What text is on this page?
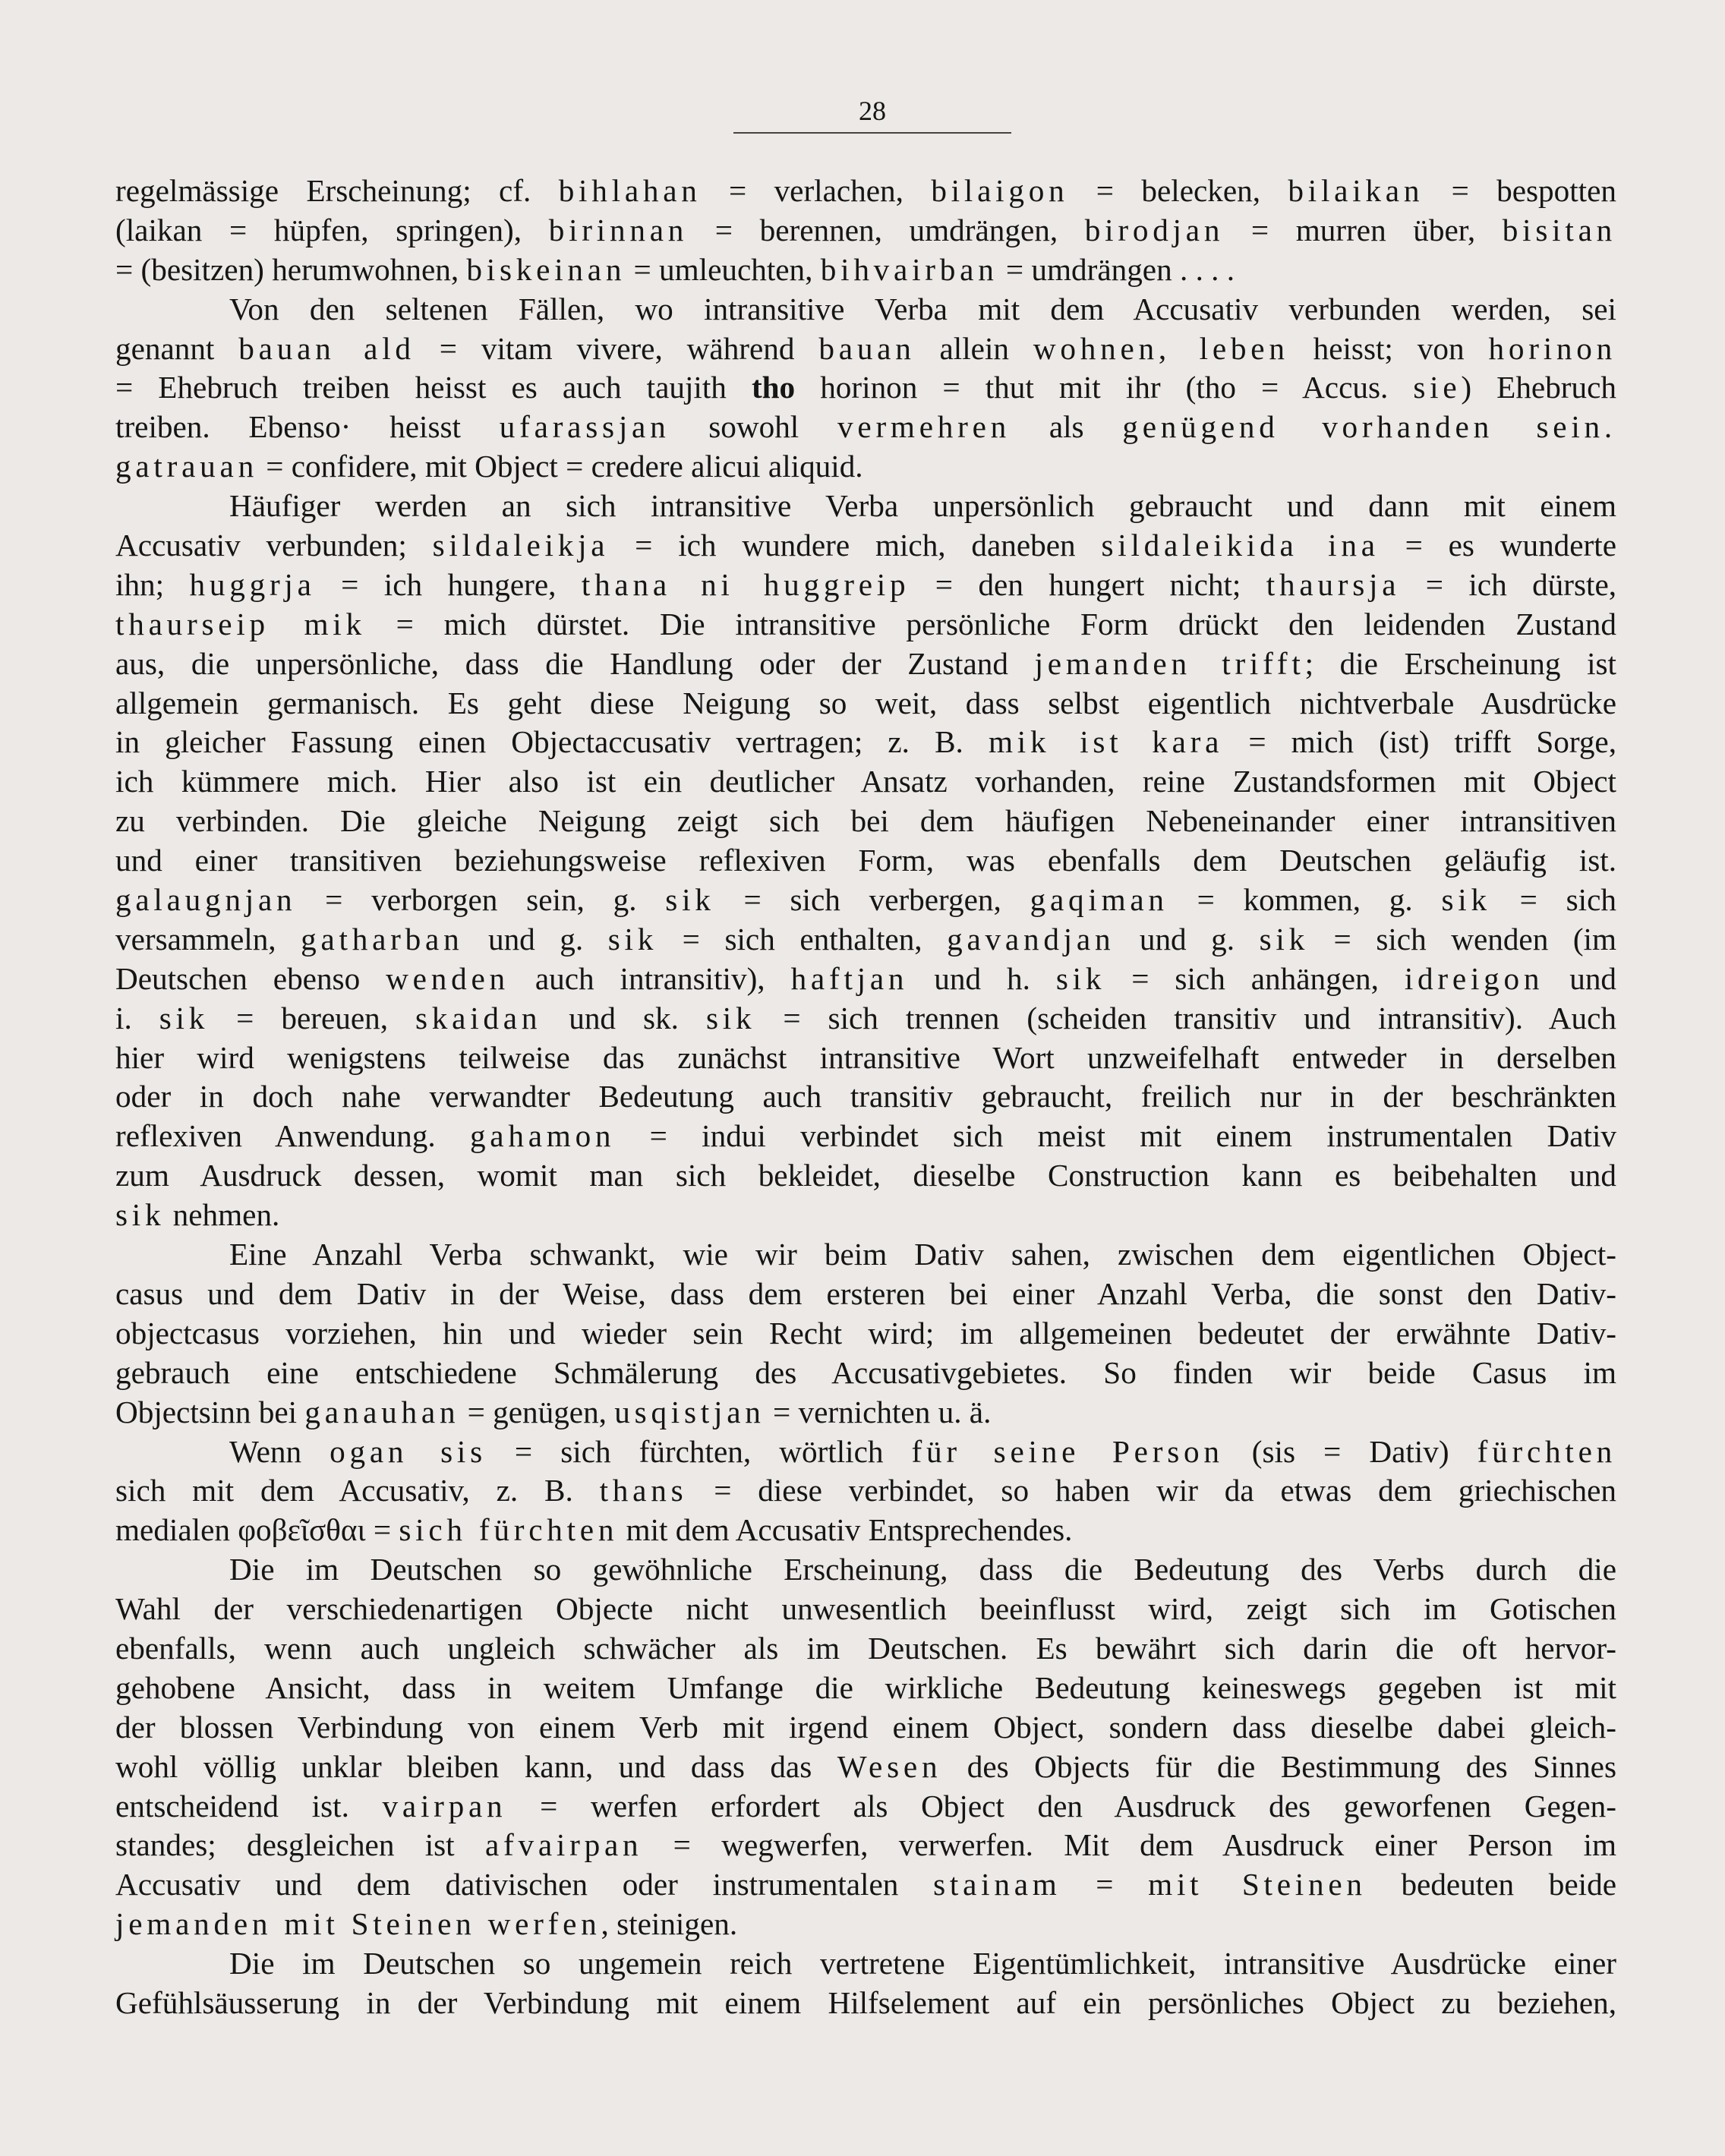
28
regelmässige Erscheinung; cf. bihlahan = verlachen, bilaigon = belecken, bilaikan = bespotten
(laikan = hüpfen, springen), birinnan = berennen, umdrängen, birodjan = murren über, bisitan
= (besitzen) herumwohnen, biskeinan = umleuchten, bihvairban = umdrängen . . . .
Von den seltenen Fällen, wo intransitive Verba mit dem Accusativ verbunden werden, sei
genannt bauan ald = vitam vivere, während bauan allein wohnen, leben heisst; von horinon
= Ehebruch treiben heisst es auch taujith tho horinon = thut mit ihr (tho = Accus. sie) Ehebruch
treiben. Ebenso· heisst ufarassjan sowohl vermehren als genügend vorhanden sein.
gatrauan = confidere, mit Object = credere alicui aliquid.
Häufiger werden an sich intransitive Verba unpersönlich gebraucht und dann mit einem
Accusativ verbunden; sildaleikja = ich wundere mich, daneben sildaleikida ina = es wunderte
ihn; huggrja = ich hungere, thana ni huggreip = den hungert nicht; thaursja = ich dürste,
thaurseip mik = mich dürstet. Die intransitive persönliche Form drückt den leidenden Zustand
aus, die unpersönliche, dass die Handlung oder der Zustand jemanden trifft; die Erscheinung ist
allgemein germanisch. Es geht diese Neigung so weit, dass selbst eigentlich nichtverbale Ausdrücke
in gleicher Fassung einen Objectaccusativ vertragen; z. B. mik ist kara = mich (ist) trifft Sorge,
ich kümmere mich. Hier also ist ein deutlicher Ansatz vorhanden, reine Zustandsformen mit Object
zu verbinden. Die gleiche Neigung zeigt sich bei dem häufigen Nebeneinander einer intransitiven
und einer transitiven beziehungsweise reflexiven Form, was ebenfalls dem Deutschen geläufig ist.
galaugnjan = verborgen sein, g. sik = sich verbergen, gaqiman = kommen, g. sik = sich
versammeln, gatharban und g. sik = sich enthalten, gavandjan und g. sik = sich wenden (im
Deutschen ebenso wenden auch intransitiv), haftjan und h. sik = sich anhängen, idreigon und
i. sik = bereuen, skaidan und sk. sik = sich trennen (scheiden transitiv und intransitiv). Auch
hier wird wenigstens teilweise das zunächst intransitive Wort unzweifelhaft entweder in derselben
oder in doch nahe verwandter Bedeutung auch transitiv gebraucht, freilich nur in der beschränkten
reflexiven Anwendung. gahamon = indui verbindet sich meist mit einem instrumentalen Dativ
zum Ausdruck dessen, womit man sich bekleidet, dieselbe Construction kann es beibehalten und
sik nehmen.
Eine Anzahl Verba schwankt, wie wir beim Dativ sahen, zwischen dem eigentlichen Object-
casus und dem Dativ in der Weise, dass dem ersteren bei einer Anzahl Verba, die sonst den Dativ-
objectcasus vorziehen, hin und wieder sein Recht wird; im allgemeinen bedeutet der erwähnte Dativ-
gebrauch eine entschiedene Schmälerung des Accusativgebietes. So finden wir beide Casus im
Objectsinn bei ganauhan = genügen, usqistjan = vernichten u. ä.
Wenn ogan sis = sich fürchten, wörtlich für seine Person (sis = Dativ) fürchten
sich mit dem Accusativ, z. B. thans = diese verbindet, so haben wir da etwas dem griechischen
medialen φοβεῖσθαι = sich fürchten mit dem Accusativ Entsprechendes.
Die im Deutschen so gewöhnliche Erscheinung, dass die Bedeutung des Verbs durch die
Wahl der verschiedenartigen Objecte nicht unwesentlich beeinflusst wird, zeigt sich im Gotischen
ebenfalls, wenn auch ungleich schwächer als im Deutschen. Es bewährt sich darin die oft hervor-
gehobene Ansicht, dass in weitem Umfange die wirkliche Bedeutung keineswegs gegeben ist mit
der blossen Verbindung von einem Verb mit irgend einem Object, sondern dass dieselbe dabei gleich-
wohl völlig unklar bleiben kann, und dass das Wesen des Objects für die Bestimmung des Sinnes
entscheidend ist. vairpan = werfen erfordert als Object den Ausdruck des geworfenen Gegen-
standes; desgleichen ist afvairpan = wegwerfen, verwerfen. Mit dem Ausdruck einer Person im
Accusativ und dem dativischen oder instrumentalen stainam = mit Steinen bedeuten beide
jemanden mit Steinen werfen, steinigen.
Die im Deutschen so ungemein reich vertretene Eigentümlichkeit, intransitive Ausdrücke einer
Gefühlsäusserung in der Verbindung mit einem Hilfselement auf ein persönliches Object zu beziehen,
